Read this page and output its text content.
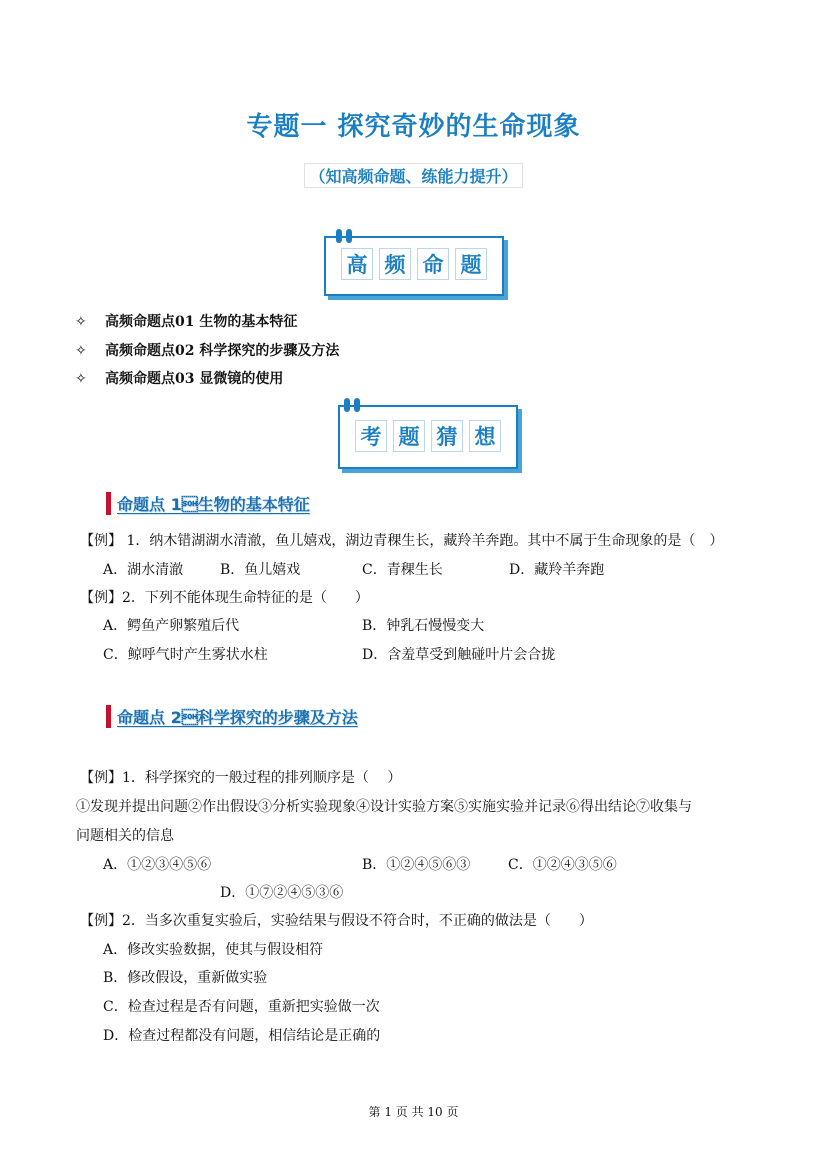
专题一 探究奇妙的生命现象
（知高频命题、练能力提升）
高 频 命 题
✧ 高频命题点01 生物的基本特征
✧ 高频命题点02 科学探究的步骤及方法
✧ 高频命题点03 显微镜的使用
考 题 猜 想
命题点 1生物的基本特征
【例】 1．纳木错湖湖水清澈，鱼儿嬉戏，湖边青稞生长，藏羚羊奔跑。其中不属于生命现象的是（　）
A．湖水清澈	B．鱼儿嬉戏	C．青稞生长	D．藏羚羊奔跑
【例】2．下列不能体现生命特征的是（　　）
A．鳄鱼产卵繁殖后代	B．钟乳石慢慢变大
C．鲸呼气时产生雾状水柱	D．含羞草受到触碰叶片会合拢
命题点 2科学探究的步骤及方法
【例】1．科学探究的一般过程的排列顺序是（　 ）
①发现并提出问题②作出假设③分析实验现象④设计实验方案⑤实施实验并记录⑥得出结论⑦收集与
问题相关的信息
A．①②③④⑤⑥	B．①②④⑤⑥③	C．①②④③⑤⑥
D．①⑦②④⑤③⑥
【例】2．当多次重复实验后，实验结果与假设不符合时，不正确的做法是（　　）
A．修改实验数据，使其与假设相符
B．修改假设，重新做实验
C．检查过程是否有问题，重新把实验做一次
D．检查过程都没有问题，相信结论是正确的
第 1 页 共 10 页
